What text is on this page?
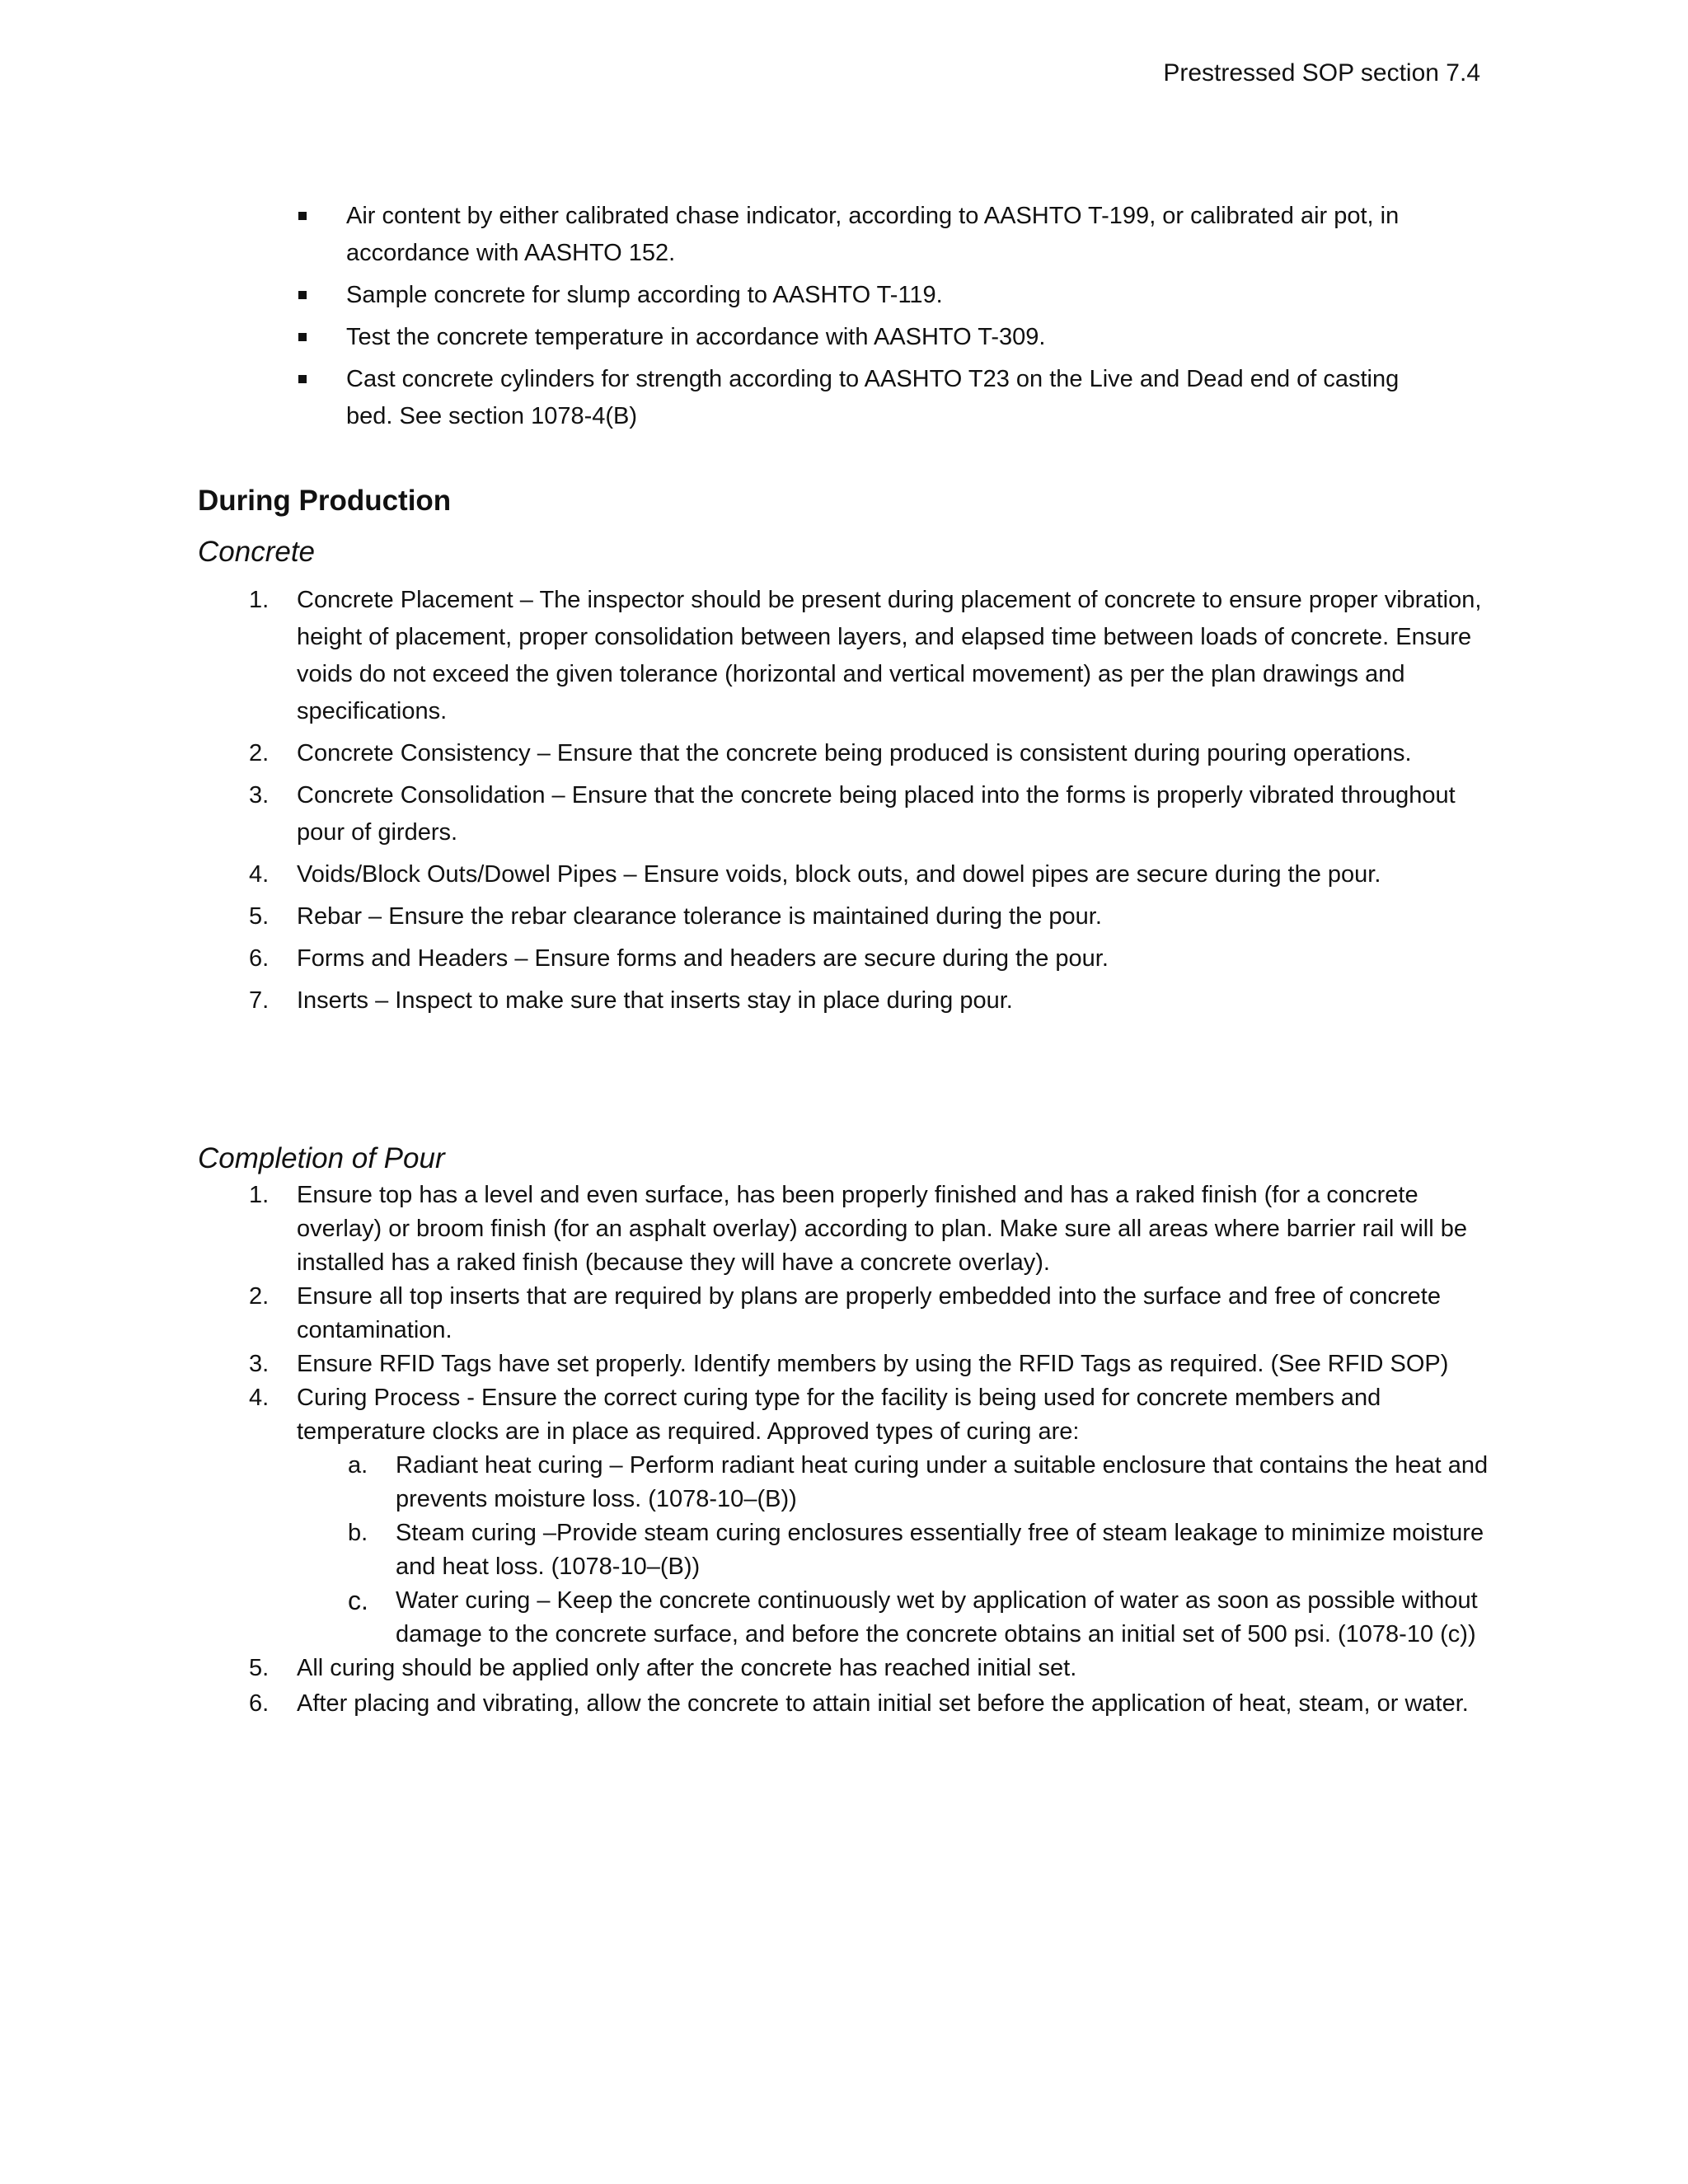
Prestressed SOP section 7.4
Air content by either calibrated chase indicator, according to AASHTO T-199, or calibrated air pot, in accordance with AASHTO 152.
Sample concrete for slump according to AASHTO T-119.
Test the concrete temperature in accordance with AASHTO T-309.
Cast concrete cylinders for strength according to AASHTO T23 on the Live and Dead end of casting bed. See section 1078-4(B)
During Production
Concrete
1. Concrete Placement – The inspector should be present during placement of concrete to ensure proper vibration, height of placement, proper consolidation between layers, and elapsed time between loads of concrete. Ensure voids do not exceed the given tolerance (horizontal and vertical movement) as per the plan drawings and specifications.
2. Concrete Consistency – Ensure that the concrete being produced is consistent during pouring operations.
3. Concrete Consolidation – Ensure that the concrete being placed into the forms is properly vibrated throughout pour of girders.
4. Voids/Block Outs/Dowel Pipes – Ensure voids, block outs, and dowel pipes are secure during the pour.
5. Rebar – Ensure the rebar clearance tolerance is maintained during the pour.
6. Forms and Headers – Ensure forms and headers are secure during the pour.
7. Inserts – Inspect to make sure that inserts stay in place during pour.
Completion of Pour
1. Ensure top has a level and even surface, has been properly finished and has a raked finish (for a concrete overlay) or broom finish (for an asphalt overlay) according to plan. Make sure all areas where barrier rail will be installed has a raked finish (because they will have a concrete overlay).
2. Ensure all top inserts that are required by plans are properly embedded into the surface and free of concrete contamination.
3. Ensure RFID Tags have set properly. Identify members by using the RFID Tags as required. (See RFID SOP)
4. Curing Process - Ensure the correct curing type for the facility is being used for concrete members and temperature clocks are in place as required. Approved types of curing are:
a. Radiant heat curing – Perform radiant heat curing under a suitable enclosure that contains the heat and prevents moisture loss. (1078-10–(B))
b. Steam curing –Provide steam curing enclosures essentially free of steam leakage to minimize moisture and heat loss. (1078-10–(B))
c. Water curing – Keep the concrete continuously wet by application of water as soon as possible without damage to the concrete surface, and before the concrete obtains an initial set of 500 psi. (1078-10 (c))
5. All curing should be applied only after the concrete has reached initial set.
6. After placing and vibrating, allow the concrete to attain initial set before the application of heat, steam, or water.
